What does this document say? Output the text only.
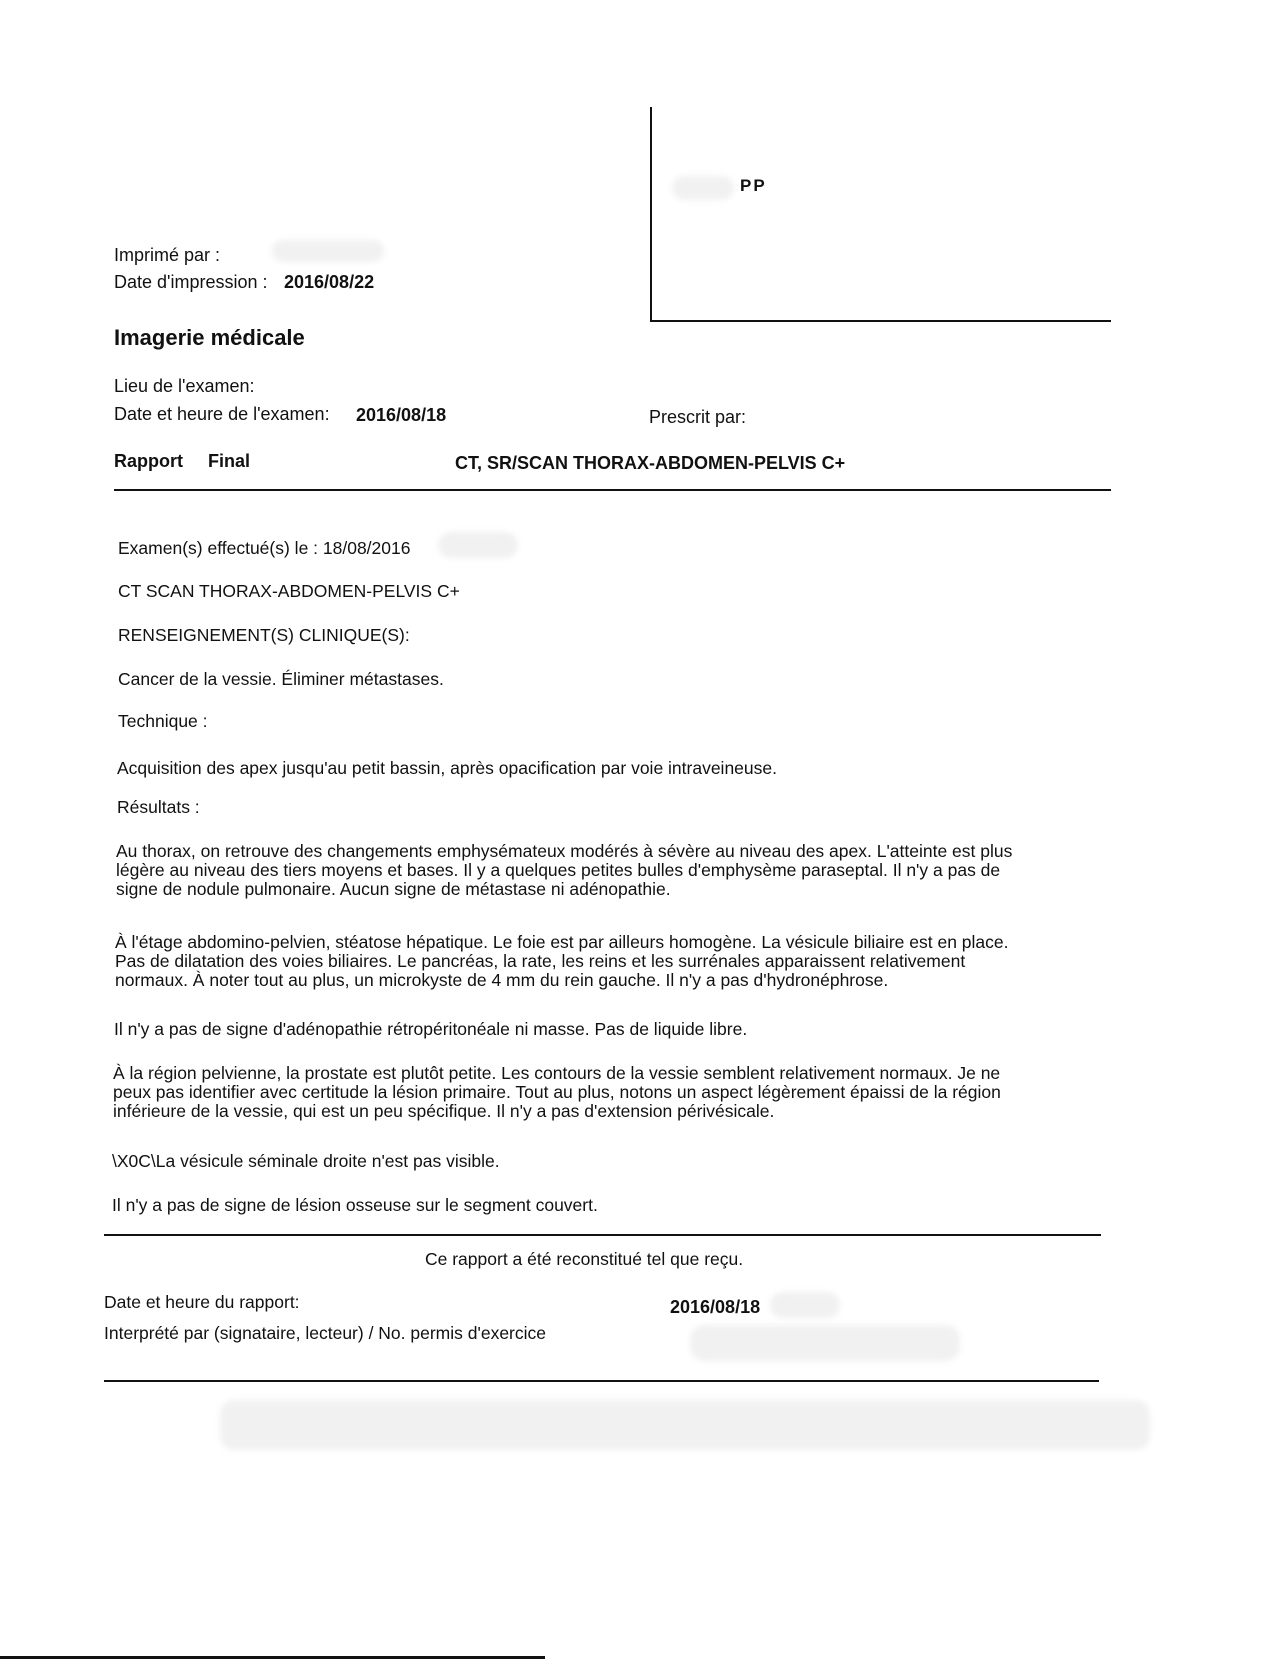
PP
Imprimé par :
Date d'impression : 2016/08/22
Imagerie médicale
Lieu de l'examen:
Date et heure de l'examen: 2016/08/18	Prescrit par:
Rapport Final	CT, SR/SCAN THORAX-ABDOMEN-PELVIS C+
Examen(s) effectué(s) le : 18/08/2016
CT SCAN THORAX-ABDOMEN-PELVIS C+
RENSEIGNEMENT(S) CLINIQUE(S):
Cancer de la vessie. Éliminer métastases.
Technique :
Acquisition des apex jusqu'au petit bassin, après opacification par voie intraveineuse.
Résultats :
Au thorax, on retrouve des changements emphysémateux modérés à sévère au niveau des apex. L'atteinte est plus
légère au niveau des tiers moyens et bases. Il y a quelques petites bulles d'emphysème paraseptal. Il n'y a pas de
signe de nodule pulmonaire. Aucun signe de métastase ni adénopathie.
À l'étage abdomino-pelvien, stéatose hépatique. Le foie est par ailleurs homogène. La vésicule biliaire est en place.
Pas de dilatation des voies biliaires. Le pancréas, la rate, les reins et les surrénales apparaissent relativement
normaux. À noter tout au plus, un microkyste de 4 mm du rein gauche. Il n'y a pas d'hydronéphrose.
Il n'y a pas de signe d'adénopathie rétropéritonéale ni masse. Pas de liquide libre.
À la région pelvienne, la prostate est plutôt petite. Les contours de la vessie semblent relativement normaux. Je ne
peux pas identifier avec certitude la lésion primaire. Tout au plus, notons un aspect légèrement épaissi de la région
inférieure de la vessie, qui est un peu spécifique. Il n'y a pas d'extension périvésicale.
\X0C\La vésicule séminale droite n'est pas visible.
Il n'y a pas de signe de lésion osseuse sur le segment couvert.
Ce rapport a été reconstitué tel que reçu.
Date et heure du rapport:	2016/08/18
Interprété par (signataire, lecteur) / No. permis d'exercice
